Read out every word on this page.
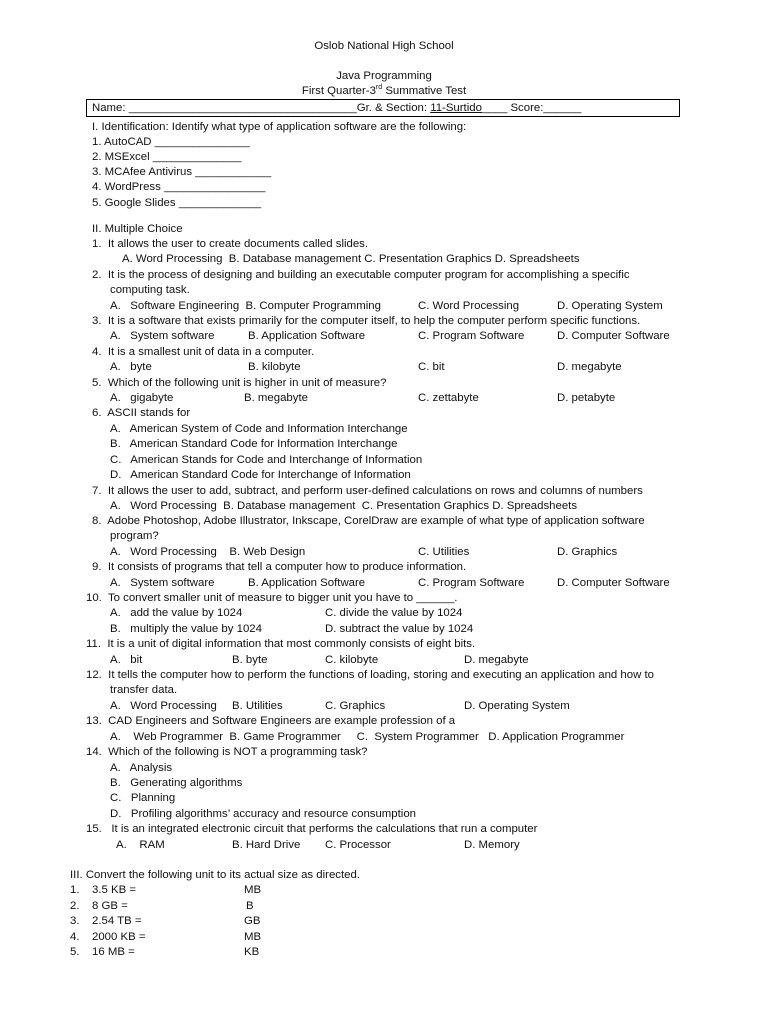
Oslob National High School
Java Programming
First Quarter-3rd Summative Test
Name: ____________________________________Gr. & Section: 11-Surtido____ Score:______
I. Identification: Identify what type of application software are the following:
1. AutoCAD _______________
2. MSExcel ______________
3. MCAfee Antivirus ____________
4. WordPress ________________
5. Google Slides _____________
II. Multiple Choice
1.  It allows the user to create documents called slides.
A. Word Processing  B. Database management C. Presentation Graphics D. Spreadsheets
2.  It is the process of designing and building an executable computer program for accomplishing a specific
computing task.
A.   Software Engineering  B. Computer Programming	C. Word Processing	D. Operating System
3.  It is a software that exists primarily for the computer itself, to help the computer perform specific functions.
A.   System software	B. Application Software	C. Program Software	D. Computer Software
4.  It is a smallest unit of data in a computer.
A.   byte	B. kilobyte	C. bit	D. megabyte
5.  Which of the following unit is higher in unit of measure?
A.   gigabyte	B. megabyte	C. zettabyte	D. petabyte
6.  ASCII stands for
A.   American System of Code and Information Interchange
B.   American Standard Code for Information Interchange
C.   American Stands for Code and Interchange of Information
D.   American Standard Code for Interchange of Information
7.  It allows the user to add, subtract, and perform user-defined calculations on rows and columns of numbers
A.   Word Processing  B. Database management  C. Presentation Graphics D. Spreadsheets
8.  Adobe Photoshop, Adobe Illustrator, Inkscape, CorelDraw are example of what type of application software
program?
A.   Word Processing    B. Web Design	C. Utilities	D. Graphics
9.  It consists of programs that tell a computer how to produce information.
A.   System software	B. Application Software	C. Program Software	D. Computer Software
10.  To convert smaller unit of measure to bigger unit you have to ______.
A.   add the value by 1024	C. divide the value by 1024
B.   multiply the value by 1024	D. subtract the value by 1024
11.  It is a unit of digital information that most commonly consists of eight bits.
A.   bit	B. byte	C. kilobyte	D. megabyte
12.  It tells the computer how to perform the functions of loading, storing and executing an application and how to
transfer data.
A.   Word Processing B. Utilities	C. Graphics	D. Operating System
13.  CAD Engineers and Software Engineers are example profession of a
A.    Web Programmer  B. Game Programmer     C.  System Programmer   D. Application Programmer
14.  Which of the following is NOT a programming task?
A.   Analysis
B.   Generating algorithms
C.   Planning
D.   Profiling algorithms’ accuracy and resource consumption
15.   It is an integrated electronic circuit that performs the calculations that run a computer
A.    RAM	B. Hard Drive C. Processor	D. Memory
III. Convert the following unit to its actual size as directed.
1. 3.5 KB =	MB
2. 8 GB =	B
3. 2.54 TB =	GB
4. 2000 KB =	MB
5. 16 MB =	KB
